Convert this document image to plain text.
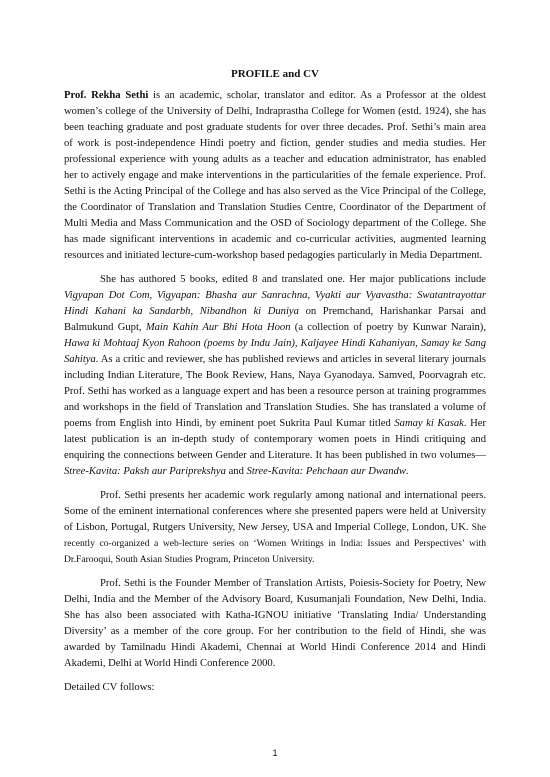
PROFILE and CV

Prof. Rekha Sethi is an academic, scholar, translator and editor. As a Professor at the oldest women’s college of the University of Delhi, Indraprastha College for Women (estd. 1924), she has been teaching graduate and post graduate students for over three decades. Prof. Sethi’s main area of work is post-independence Hindi poetry and fiction, gender studies and media studies. Her professional experience with young adults as a teacher and education administrator, has enabled her to actively engage and make interventions in the particularities of the female experience. Prof. Sethi is the Acting Principal of the College and has also served as the Vice Principal of the College, the Coordinator of Translation and Translation Studies Centre, Coordinator of the Department of Multi Media and Mass Communication and the OSD of Sociology department of the College. She has made significant interventions in academic and co-curricular activities, augmented learning resources and initiated lecture-cum-workshop based pedagogies particularly in Media Department.

She has authored 5 books, edited 8 and translated one. Her major publications include Vigyapan Dot Com, Vigyapan: Bhasha aur Sanrachna, Vyakti aur Vyavastha: Swatantrayottar Hindi Kahani ka Sandarbh, Nibandhon ki Duniya on Premchand, Harishankar Parsai and Balmukund Gupt, Main Kahin Aur Bhi Hota Hoon (a collection of poetry by Kunwar Narain), Hawa ki Mohtaaj Kyon Rahoon (poems by Indu Jain), Kaljayee Hindi Kahaniyan, Samay ke Sang Sahitya. As a critic and reviewer, she has published reviews and articles in several literary journals including Indian Literature, The Book Review, Hans, Naya Gyanodaya. Samved, Poorvagrah etc. Prof. Sethi has worked as a language expert and has been a resource person at training programmes and workshops in the field of Translation and Translation Studies. She has translated a volume of poems from English into Hindi, by eminent poet Sukrita Paul Kumar titled Samay ki Kasak. Her latest publication is an in-depth study of contemporary women poets in Hindi critiquing and enquiring the connections between Gender and Literature. It has been published in two volumes—Stree-Kavita: Paksh aur Pariprekshya and Stree-Kavita: Pehchaan aur Dwandw.

Prof. Sethi presents her academic work regularly among national and international peers. Some of the eminent international conferences where she presented papers were held at University of Lisbon, Portugal, Rutgers University, New Jersey, USA and Imperial College, London, UK. She recently co-organized a web-lecture series on ‘Women Writings in India: Issues and Perspectives’ with Dr.Farooqui, South Asian Studies Program, Princeton University.

Prof. Sethi is the Founder Member of Translation Artists, Poiesis-Society for Poetry, New Delhi, India and the Member of the Advisory Board, Kusumanjali Foundation, New Delhi, India. She has also been associated with Katha-IGNOU initiative ‘Translating India/ Understanding Diversity’ as a member of the core group. For her contribution to the field of Hindi, she was awarded by Tamilnadu Hindi Akademi, Chennai at World Hindi Conference 2014 and Hindi Akademi, Delhi at World Hindi Conference 2000.

Detailed CV follows:

1
